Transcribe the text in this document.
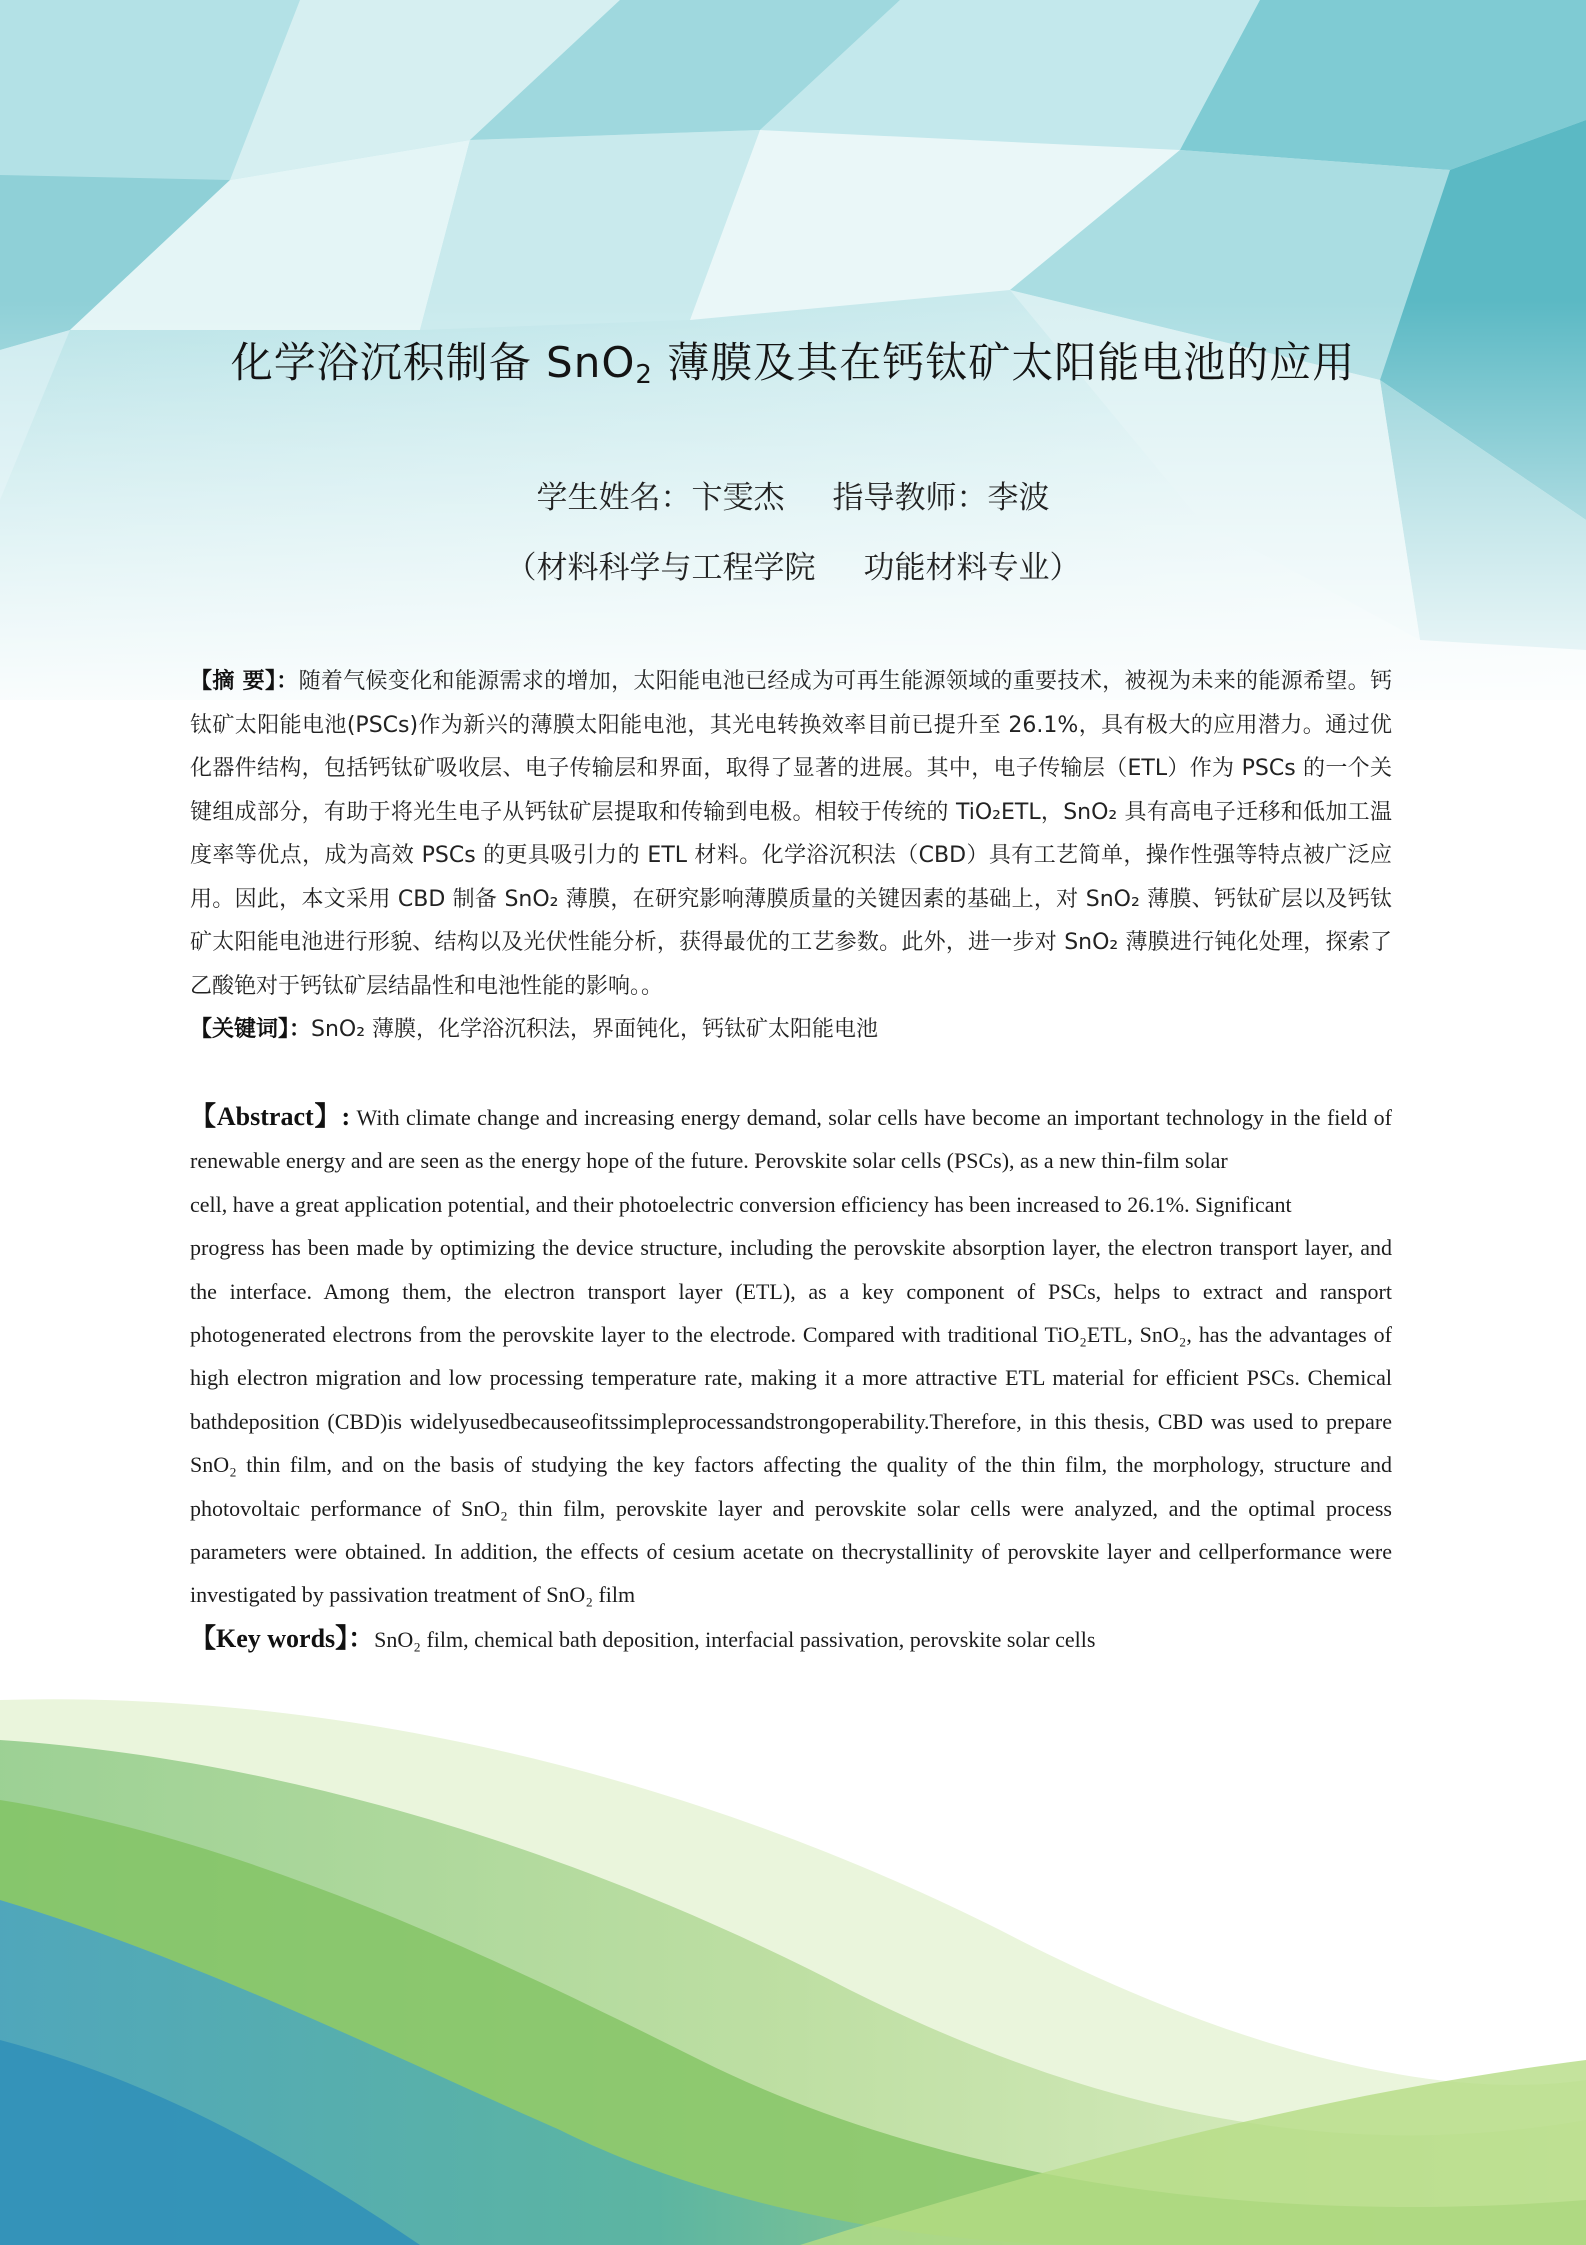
化学浴沉积制备 SnO$_2$ 薄膜及其在钙钛矿太阳能电池的应用
学生姓名：卞雯杰 指导教师：李波
（材料科学与工程学院 功能材料专业）

【摘 要】：随着气候变化和能源需求的增加，太阳能电池已经成为可再生能源领域的重要技术，被视为未来的能源希望。钙钛矿太阳能电池(PSCs)作为新兴的薄膜太阳能电池，其光电转换效率目前已提升至 26.1%，具有极大的应用潜力。通过优化器件结构，包括钙钛矿吸收层、电子传输层和界面，取得了显著的进展。其中，电子传输层（ETL）作为 PSCs 的一个关键组成部分，有助于将光生电子从钙钛矿层提取和传输到电极。相较于传统的 TiO₂ETL，SnO₂ 具有高电子迁移和低加工温度率等优点，成为高效 PSCs 的更具吸引力的 ETL 材料。化学浴沉积法（CBD）具有工艺简单，操作性强等特点被广泛应用。因此，本文采用 CBD 制备 SnO₂ 薄膜，在研究影响薄膜质量的关键因素的基础上，对 SnO₂ 薄膜、钙钛矿层以及钙钛矿太阳能电池进行形貌、结构以及光伏性能分析，获得最优的工艺参数。此外，进一步对 SnO₂ 薄膜进行钝化处理，探索了乙酸铯对于钙钛矿层结晶性和电池性能的影响。。

【关键词】：SnO₂ 薄膜，化学浴沉积法，界面钝化，钙钛矿太阳能电池

【Abstract】: With climate change and increasing energy demand, solar cells have become an important technology in the field of renewable energy and are seen as the energy hope of the future. Perovskite solar cells (PSCs), as a new thin-film solar

cell, have a great application potential, and their photoelectric conversion efficiency has been increased to 26.1%. Significant

progress has been made by optimizing the device structure, including the perovskite absorption layer, the electron transport layer, and the interface. Among them, the electron transport layer (ETL), as a key component of PSCs, helps to extract and ransport photogenerated electrons from the perovskite layer to the electrode. Compared with traditional TiO₂ETL, SnO₂, has the advantages of high electron migration and low processing temperature rate, making it a more attractive ETL material for efficient PSCs. Chemical bathdeposition (CBD)is widelyusedbecauseofitssimpleprocessandstrongoperability.Therefore, in this thesis, CBD was used to prepare SnO₂ thin film, and on the basis of studying the key factors affecting the quality of the thin film, the morphology, structure and photovoltaic performance of SnO₂ thin film, perovskite layer and perovskite solar cells were analyzed, and the optimal process parameters were obtained. In addition, the effects of cesium acetate on thecrystallinity of perovskite layer and cellperformance were investigated by passivation treatment of SnO₂ film

【Key words】：SnO₂ film, chemical bath deposition, interfacial passivation, perovskite solar cells
